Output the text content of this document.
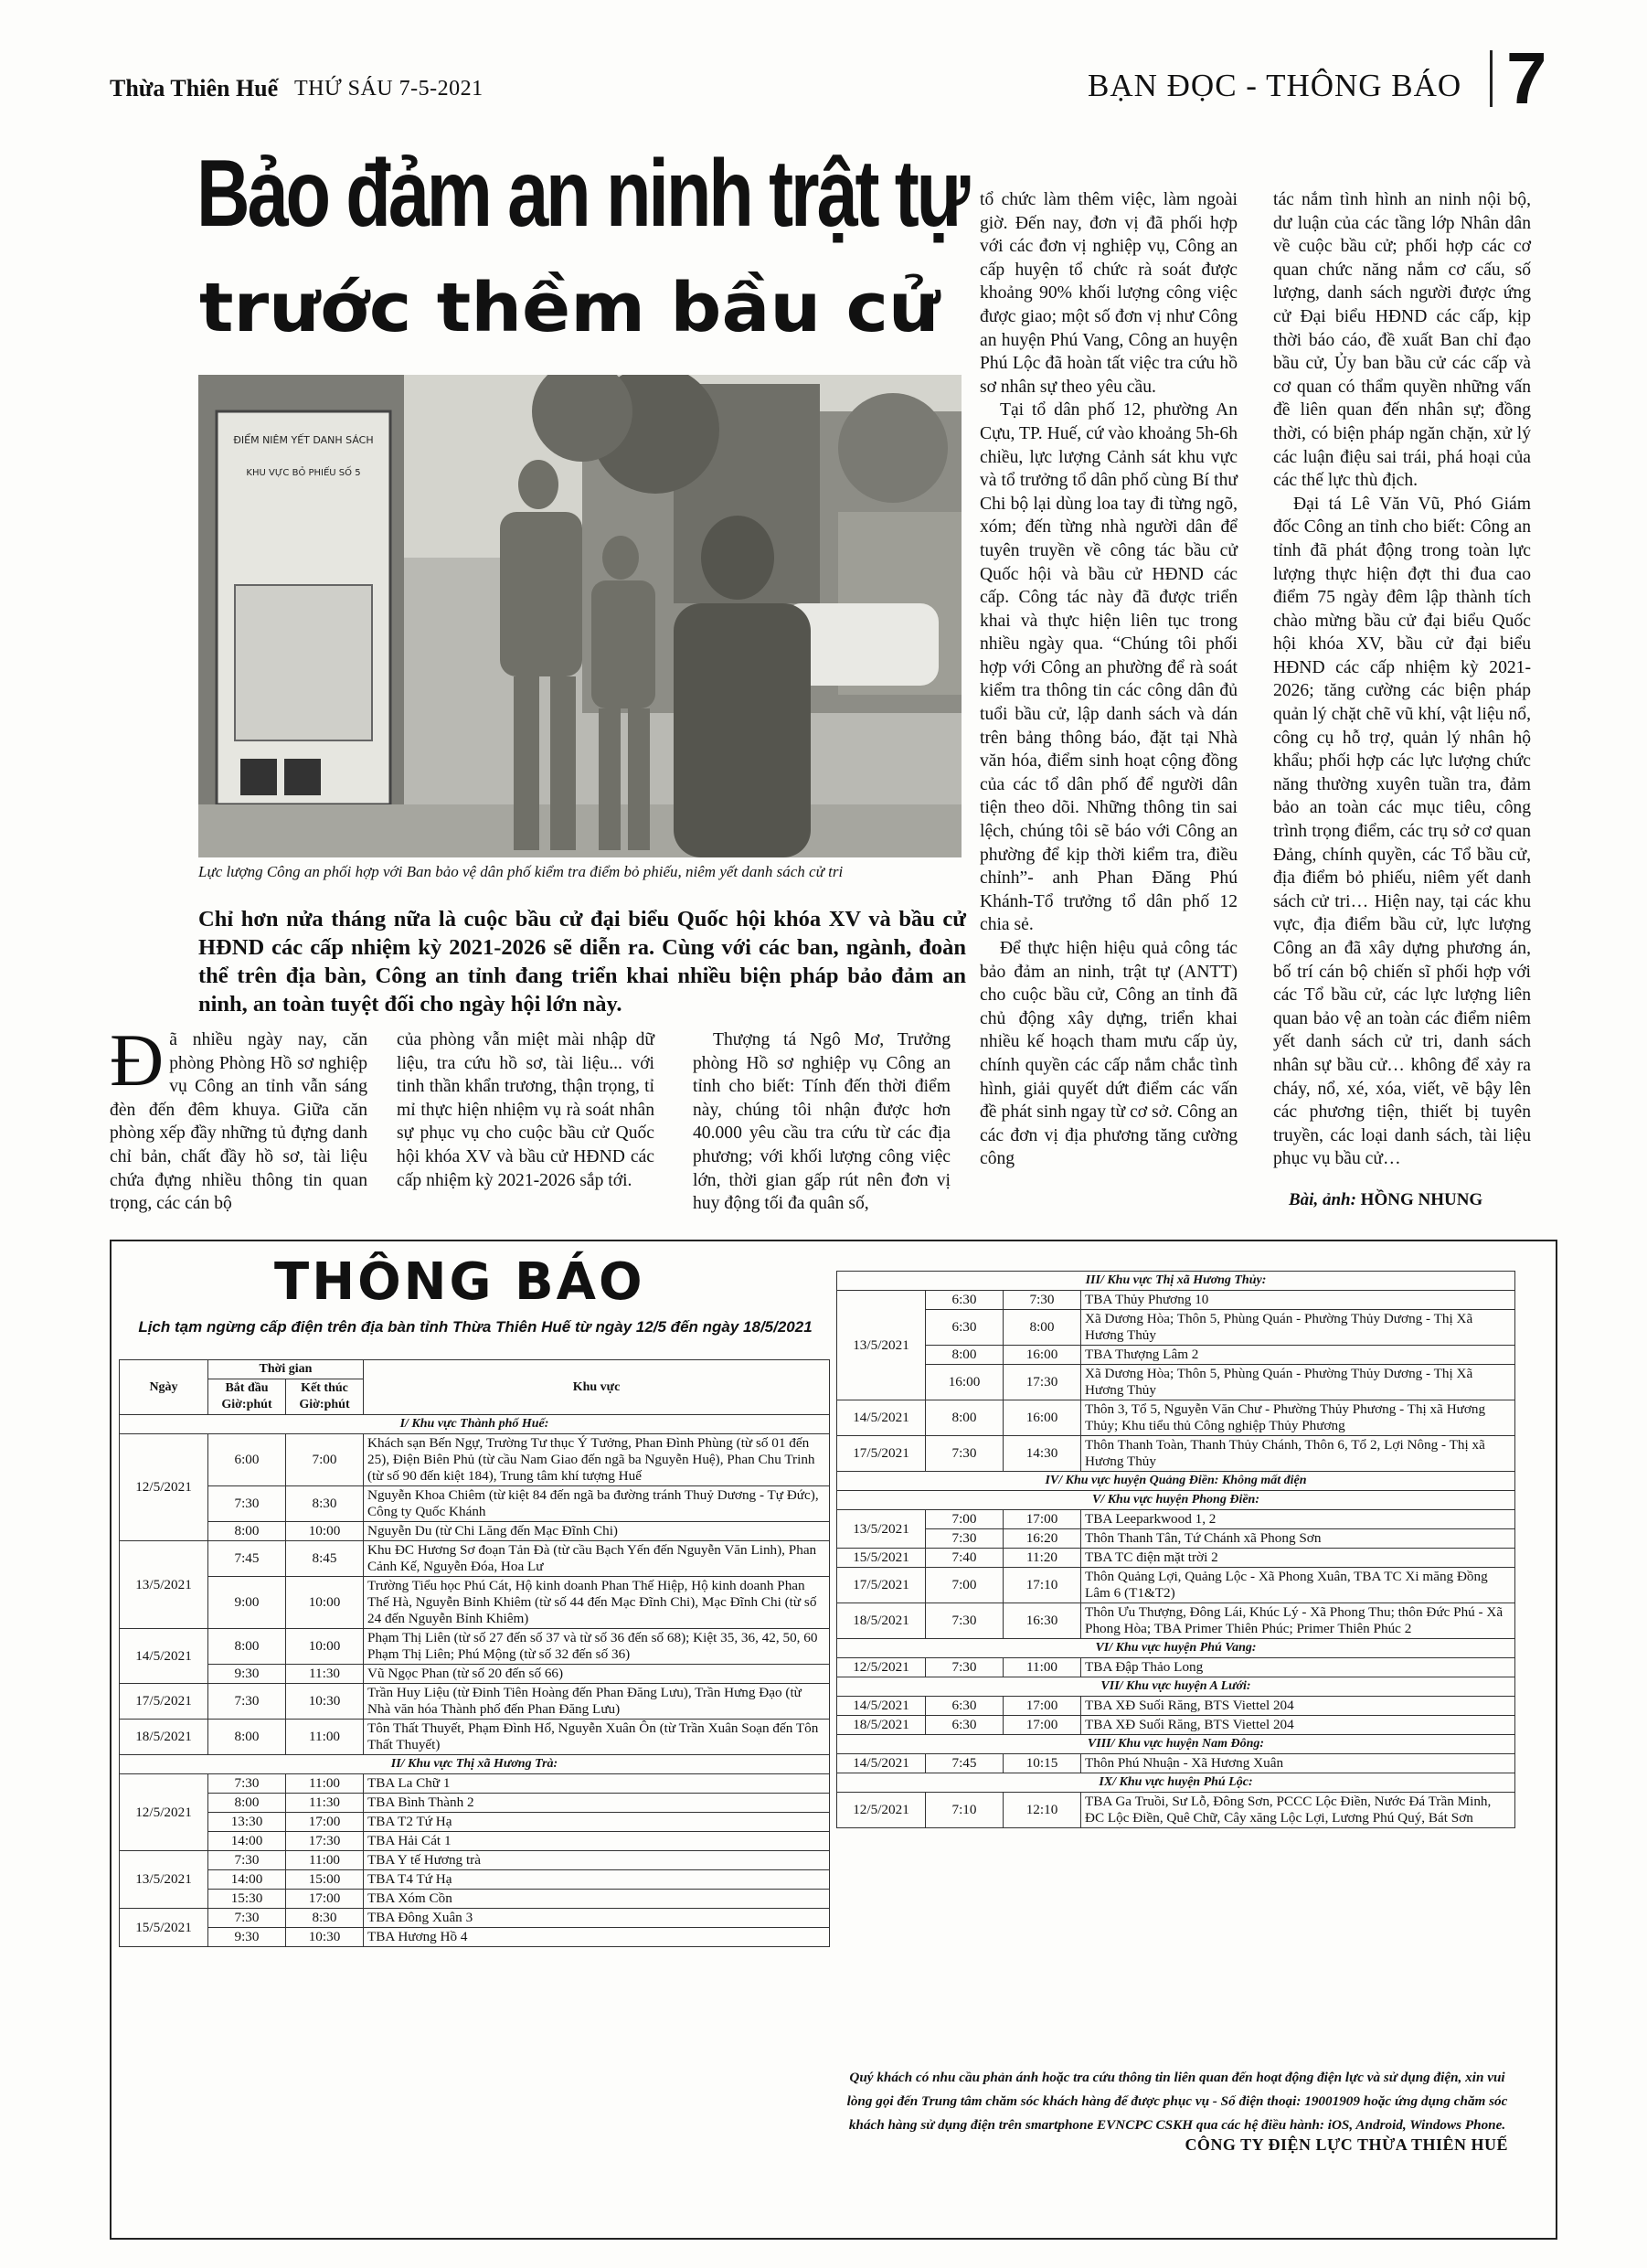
Thừa Thiên Huế THỨ SÁU 7-5-2021	BẠN ĐỌC - THÔNG BÁO 7
Bảo đảm an ninh trật tự
trước thềm bầu cử
ĐIỂM NIÊM YẾT DANH SÁCH
KHU VỰC BỎ PHIẾU SỐ 5
Lực lượng Công an phối hợp với Ban bảo vệ dân phố kiểm tra điểm bỏ phiếu, niêm yết danh sách cử tri
Chỉ hơn nửa tháng nữa là cuộc bầu cử đại biểu Quốc hội khóa XV và bầu cử HĐND các cấp nhiệm kỳ 2021-2026 sẽ diễn ra. Cùng với các ban, ngành, đoàn thể trên địa bàn, Công an tỉnh đang triển khai nhiều biện pháp bảo đảm an ninh, an toàn tuyệt đối cho ngày hội lớn này.
Đã nhiều ngày nay, căn phòng Phòng Hồ sơ nghiệp vụ Công an tỉnh vẫn sáng đèn đến đêm khuya. Giữa căn phòng xếp đầy những tủ đựng danh chỉ bản, chất đầy hồ sơ, tài liệu chứa đựng nhiều thông tin quan trọng, các cán bộ

của phòng vẫn miệt mài nhập dữ liệu, tra cứu hồ sơ, tài liệu... với tinh thần khẩn trương, thận trọng, tỉ mỉ thực hiện nhiệm vụ rà soát nhân sự phục vụ cho cuộc bầu cử Quốc hội khóa XV và bầu cử HĐND các cấp nhiệm kỳ 2021-2026 sắp tới.

Thượng tá Ngô Mơ, Trưởng phòng Hồ sơ nghiệp vụ Công an tỉnh cho biết: Tính đến thời điểm này, chúng tôi nhận được hơn 40.000 yêu cầu tra cứu từ các địa phương; với khối lượng công việc lớn, thời gian gấp rút nên đơn vị huy động tối đa quân số,

tổ chức làm thêm việc, làm ngoài giờ. Đến nay, đơn vị đã phối hợp với các đơn vị nghiệp vụ, Công an cấp huyện tổ chức rà soát được khoảng 90% khối lượng công việc được giao; một số đơn vị như Công an huyện Phú Vang, Công an huyện Phú Lộc đã hoàn tất việc tra cứu hồ sơ nhân sự theo yêu cầu.

Tại tổ dân phố 12, phường An Cựu, TP. Huế, cứ vào khoảng 5h-6h chiều, lực lượng Cảnh sát khu vực và tổ trưởng tổ dân phố cùng Bí thư Chi bộ lại dùng loa tay đi từng ngõ, xóm; đến từng nhà người dân để tuyên truyền về công tác bầu cử Quốc hội và bầu cử HĐND các cấp. Công tác này đã được triển khai và thực hiện liên tục trong nhiều ngày qua. “Chúng tôi phối hợp với Công an phường để rà soát kiểm tra thông tin các công dân đủ tuổi bầu cử, lập danh sách và dán trên bảng thông báo, đặt tại Nhà văn hóa, điểm sinh hoạt cộng đồng của các tổ dân phố để người dân tiện theo dõi. Những thông tin sai lệch, chúng tôi sẽ báo với Công an phường để kịp thời kiểm tra, điều chỉnh”- anh Phan Đăng Phú Khánh-Tổ trưởng tổ dân phố 12 chia sẻ.

Để thực hiện hiệu quả công tác bảo đảm an ninh, trật tự (ANTT) cho cuộc bầu cử, Công an tỉnh đã chủ động xây dựng, triển khai nhiều kế hoạch tham mưu cấp ủy, chính quyền các cấp nắm chắc tình hình, giải quyết dứt điểm các vấn đề phát sinh ngay từ cơ sở. Công an các đơn vị địa phương tăng cường công

tác nắm tình hình an ninh nội bộ, dư luận của các tầng lớp Nhân dân về cuộc bầu cử; phối hợp các cơ quan chức năng nắm cơ cấu, số lượng, danh sách người được ứng cử Đại biểu HĐND các cấp, kịp thời báo cáo, đề xuất Ban chỉ đạo bầu cử, Ủy ban bầu cử các cấp và cơ quan có thẩm quyền những vấn đề liên quan đến nhân sự; đồng thời, có biện pháp ngăn chặn, xử lý các luận điệu sai trái, phá hoại của các thế lực thù địch.

Đại tá Lê Văn Vũ, Phó Giám đốc Công an tỉnh cho biết: Công an tỉnh đã phát động trong toàn lực lượng thực hiện đợt thi đua cao điểm 75 ngày đêm lập thành tích chào mừng bầu cử đại biểu Quốc hội khóa XV, bầu cử đại biểu HĐND các cấp nhiệm kỳ 2021-2026; tăng cường các biện pháp quản lý chặt chẽ vũ khí, vật liệu nổ, công cụ hỗ trợ, quản lý nhân hộ khẩu; phối hợp các lực lượng chức năng thường xuyên tuần tra, đảm bảo an toàn các mục tiêu, công trình trọng điểm, các trụ sở cơ quan Đảng, chính quyền, các Tổ bầu cử, địa điểm bỏ phiếu, niêm yết danh sách cử tri… Hiện nay, tại các khu vực, địa điểm bầu cử, lực lượng Công an đã xây dựng phương án, bố trí cán bộ chiến sĩ phối hợp với các Tổ bầu cử, các lực lượng liên quan bảo vệ an toàn các điểm niêm yết danh sách cử tri, danh sách nhân sự bầu cử… không để xảy ra cháy, nổ, xé, xóa, viết, vẽ bậy lên các phương tiện, thiết bị tuyên truyền, các loại danh sách, tài liệu phục vụ bầu cử…

Bài, ảnh: HỒNG NHUNG
THÔNG BÁO
Lịch tạm ngừng cấp điện trên địa bàn tỉnh Thừa Thiên Huế từ ngày 12/5 đến ngày 18/5/2021
Ngày	Thời gian		Khu vực
	Bắt đầu Giờ:phút	Kết thúc Giờ:phút	
I/ Khu vực Thành phố Huế:			
12/5/2021	6:00	7:00	Khách sạn Bến Ngự, Trường Tư thục Ý Tưởng, Phan Đình Phùng (từ số 01 đến 25), Điện Biên Phủ (từ cầu Nam Giao đến ngã ba Nguyễn Huệ), Phan Chu Trinh (từ số 90 đến kiệt 184), Trung tâm khí tượng Huế
	7:30	8:30	Nguyễn Khoa Chiêm (từ kiệt 84 đến ngã ba đường tránh Thuỷ Dương - Tự Đức), Công ty Quốc Khánh
	8:00	10:00	Nguyễn Du (từ Chi Lăng đến Mạc Đĩnh Chi)
13/5/2021	7:45	8:45	Khu ĐC Hương Sơ đoạn Tản Đà (từ cầu Bạch Yến đến Nguyễn Văn Linh), Phan Cảnh Kế, Nguyễn Đóa, Hoa Lư
	9:00	10:00	Trường Tiểu học Phú Cát, Hộ kinh doanh Phan Thế Hiệp, Hộ kinh doanh Phan Thế Hà, Nguyễn Bỉnh Khiêm (từ số 44 đến Mạc Đĩnh Chi), Mạc Đĩnh Chi (từ số 24 đến Nguyễn Bỉnh Khiêm)
14/5/2021	8:00	10:00	Phạm Thị Liên (từ số 27 đến số 37 và từ số 36 đến số 68); Kiệt 35, 36, 42, 50, 60 Phạm Thị Liên; Phú Mộng (từ số 32 đến số 36)
	9:30	11:30	Vũ Ngọc Phan (từ số 20 đến số 66)
17/5/2021	7:30	10:30	Trần Huy Liệu (từ Đinh Tiên Hoàng đến Phan Đăng Lưu), Trần Hưng Đạo (từ Nhà văn hóa Thành phố đến Phan Đăng Lưu)
18/5/2021	8:00	11:00	Tôn Thất Thuyết, Phạm Đình Hổ, Nguyễn Xuân Ôn (từ Trần Xuân Soạn đến Tôn Thất Thuyết)
II/ Khu vực Thị xã Hương Trà:			
12/5/2021	7:30	11:00	TBA La Chữ 1
	8:00	11:30	TBA Bình Thành 2
	13:30	17:00	TBA T2 Tứ Hạ
	14:00	17:30	TBA Hải Cát 1
13/5/2021	7:30	11:00	TBA Y tế Hương trà
	14:00	15:00	TBA T4 Tứ Hạ
	15:30	17:00	TBA Xóm Cồn
15/5/2021	7:30	8:30	TBA Đông Xuân 3
	9:30	10:30	TBA Hương Hồ 4
III/ Khu vực Thị xã Hương Thủy:			
13/5/2021	6:30	7:30	TBA Thủy Phương 10
	6:30	8:00	Xã Dương Hòa; Thôn 5, Phùng Quán - Phường Thủy Dương - Thị Xã Hương Thủy
	8:00	16:00	TBA Thượng Lâm 2
	16:00	17:30	Xã Dương Hòa; Thôn 5, Phùng Quán - Phường Thủy Dương - Thị Xã Hương Thủy
14/5/2021	8:00	16:00	Thôn 3, Tổ 5, Nguyễn Văn Chư - Phường Thủy Phương - Thị xã Hương Thủy; Khu tiểu thủ Công nghiệp Thủy Phương
17/5/2021	7:30	14:30	Thôn Thanh Toàn, Thanh Thủy Chánh, Thôn 6, Tổ 2, Lợi Nông - Thị xã Hương Thủy
IV/ Khu vực huyện Quảng Điền: Không mất điện			
V/ Khu vực huyện Phong Điền:			
13/5/2021	7:00	17:00	TBA Leeparkwood 1, 2
	7:30	16:20	Thôn Thanh Tân, Tứ Chánh xã Phong Sơn
15/5/2021	7:40	11:20	TBA TC điện mặt trời 2
17/5/2021	7:00	17:10	Thôn Quảng Lợi, Quảng Lộc - Xã Phong Xuân, TBA TC Xi măng Đồng Lâm 6 (T1&T2)
18/5/2021	7:30	16:30	Thôn Ưu Thượng, Đông Lái, Khúc Lý - Xã Phong Thu; thôn Đức Phú - Xã Phong Hòa; TBA Primer Thiên Phúc; Primer Thiên Phúc 2
VI/ Khu vực huyện Phú Vang:			
12/5/2021	7:30	11:00	TBA Đập Thảo Long
VII/ Khu vực huyện A Lưới:			
14/5/2021	6:30	17:00	TBA XĐ Suối Răng, BTS Viettel 204
18/5/2021	6:30	17:00	TBA XĐ Suối Răng, BTS Viettel 204
VIII/ Khu vực huyện Nam Đông:			
14/5/2021	7:45	10:15	Thôn Phú Nhuận - Xã Hương Xuân
IX/ Khu vực huyện Phú Lộc:			
12/5/2021	7:10	12:10	TBA Ga Truồi, Sư Lỗ, Đông Sơn, PCCC Lộc Điền, Nước Đá Trần Minh, ĐC Lộc Điền, Quê Chữ, Cây xăng Lộc Lợi, Lương Phú Quý, Bát Sơn
Quý khách có nhu cầu phản ánh hoặc tra cứu thông tin liên quan đến hoạt động điện lực và sử dụng điện, xin vui lòng gọi đến Trung tâm chăm sóc khách hàng để được phục vụ - Số điện thoại: 19001909 hoặc ứng dụng chăm sóc khách hàng sử dụng điện trên smartphone EVNCPC CSKH qua các hệ điều hành: iOS, Android, Windows Phone.
CÔNG TY ĐIỆN LỰC THỪA THIÊN HUẾ
